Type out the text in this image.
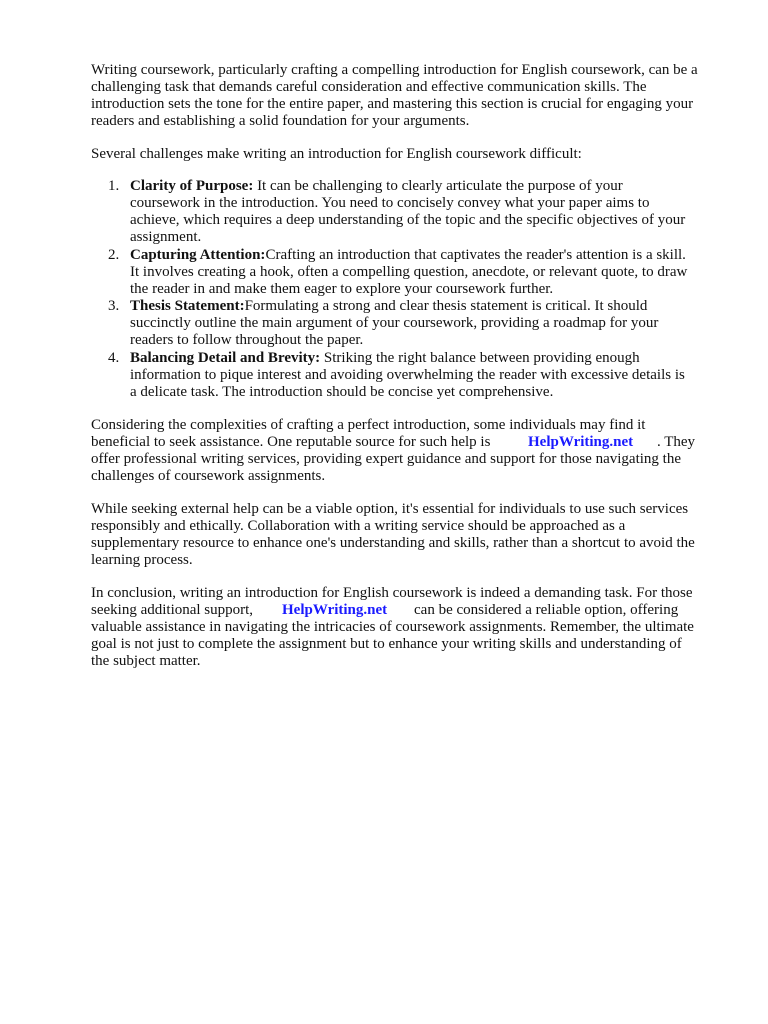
Writing coursework, particularly crafting a compelling introduction for English coursework, can be a
challenging task that demands careful consideration and effective communication skills. The
introduction sets the tone for the entire paper, and mastering this section is crucial for engaging your
readers and establishing a solid foundation for your arguments.
Several challenges make writing an introduction for English coursework difficult:
1. Clarity of Purpose: It can be challenging to clearly articulate the purpose of your
coursework in the introduction. You need to concisely convey what your paper aims to
achieve, which requires a deep understanding of the topic and the specific objectives of your
assignment.
2. Capturing Attention:Crafting an introduction that captivates the reader's attention is a skill.
It involves creating a hook, often a compelling question, anecdote, or relevant quote, to draw
the reader in and make them eager to explore your coursework further.
3. Thesis Statement:Formulating a strong and clear thesis statement is critical. It should
succinctly outline the main argument of your coursework, providing a roadmap for your
readers to follow throughout the paper.
4. Balancing Detail and Brevity: Striking the right balance between providing enough
information to pique interest and avoiding overwhelming the reader with excessive details is
a delicate task. The introduction should be concise yet comprehensive.
Considering the complexities of crafting a perfect introduction, some individuals may find it
beneficial to seek assistance. One reputable source for such help is	HelpWriting.net . They
offer professional writing services, providing expert guidance and support for those navigating the
challenges of coursework assignments.
While seeking external help can be a viable option, it's essential for individuals to use such services
responsibly and ethically. Collaboration with a writing service should be approached as a
supplementary resource to enhance one's understanding and skills, rather than a shortcut to avoid the
learning process.
In conclusion, writing an introduction for English coursework is indeed a demanding task. For those
seeking additional support, HelpWriting.net can be considered a reliable option, offering
valuable assistance in navigating the intricacies of coursework assignments. Remember, the ultimate
goal is not just to complete the assignment but to enhance your writing skills and understanding of
the subject matter.
